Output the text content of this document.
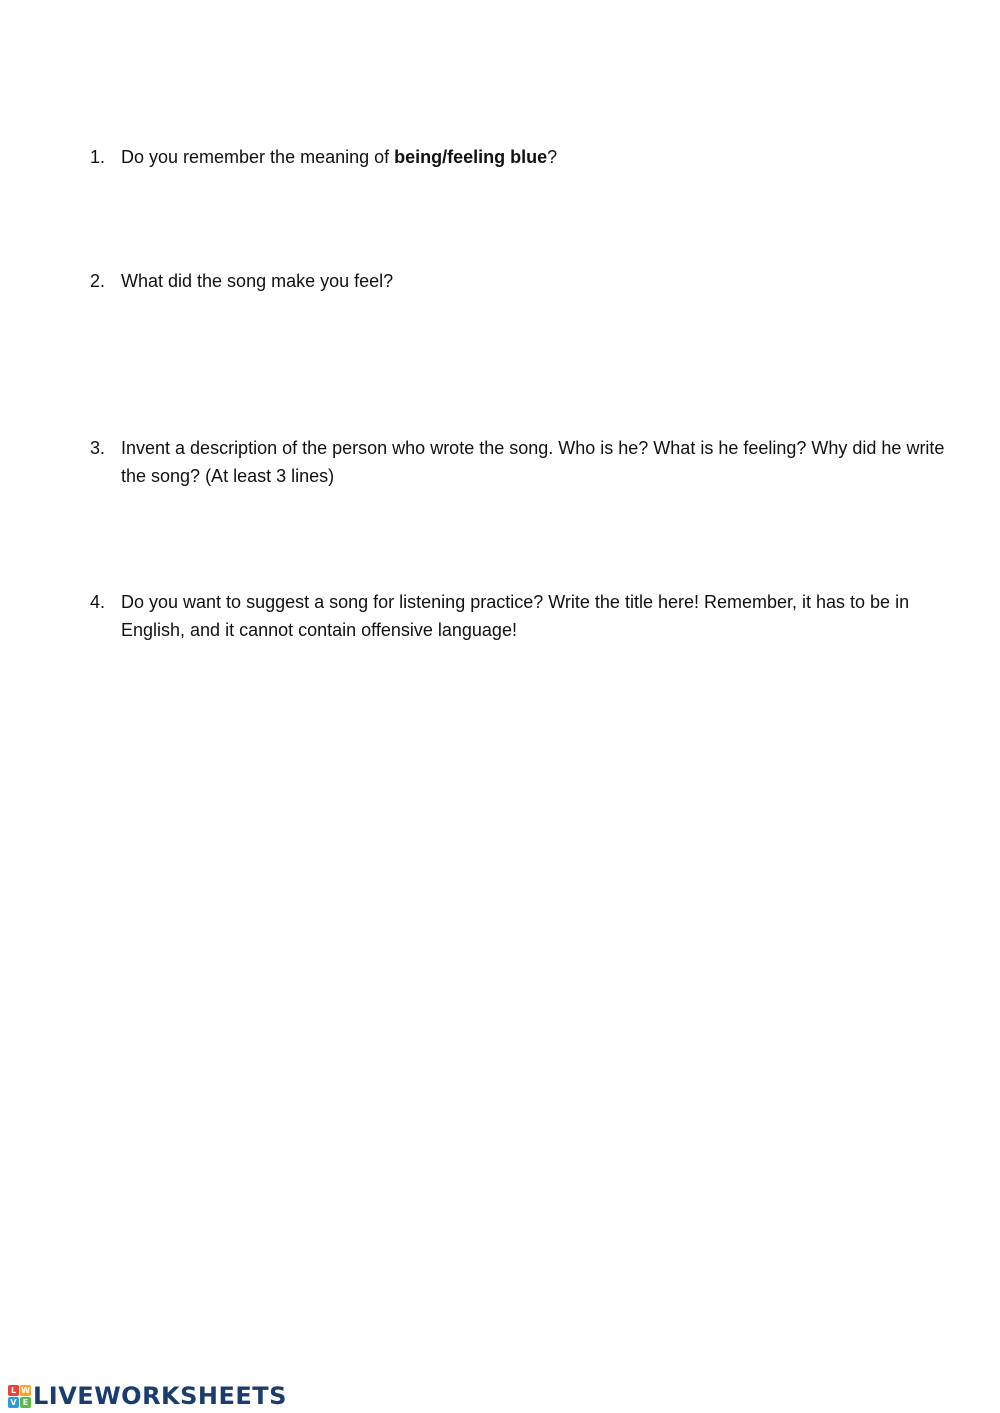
1. Do you remember the meaning of being/feeling blue?
2. What did the song make you feel?
3. Invent a description of the person who wrote the song. Who is he? What is he feeling? Why did he write the song? (At least 3 lines)
4. Do you want to suggest a song for listening practice? Write the title here! Remember, it has to be in English, and it cannot contain offensive language!
L W
V E LIVEWORKSHEETS
